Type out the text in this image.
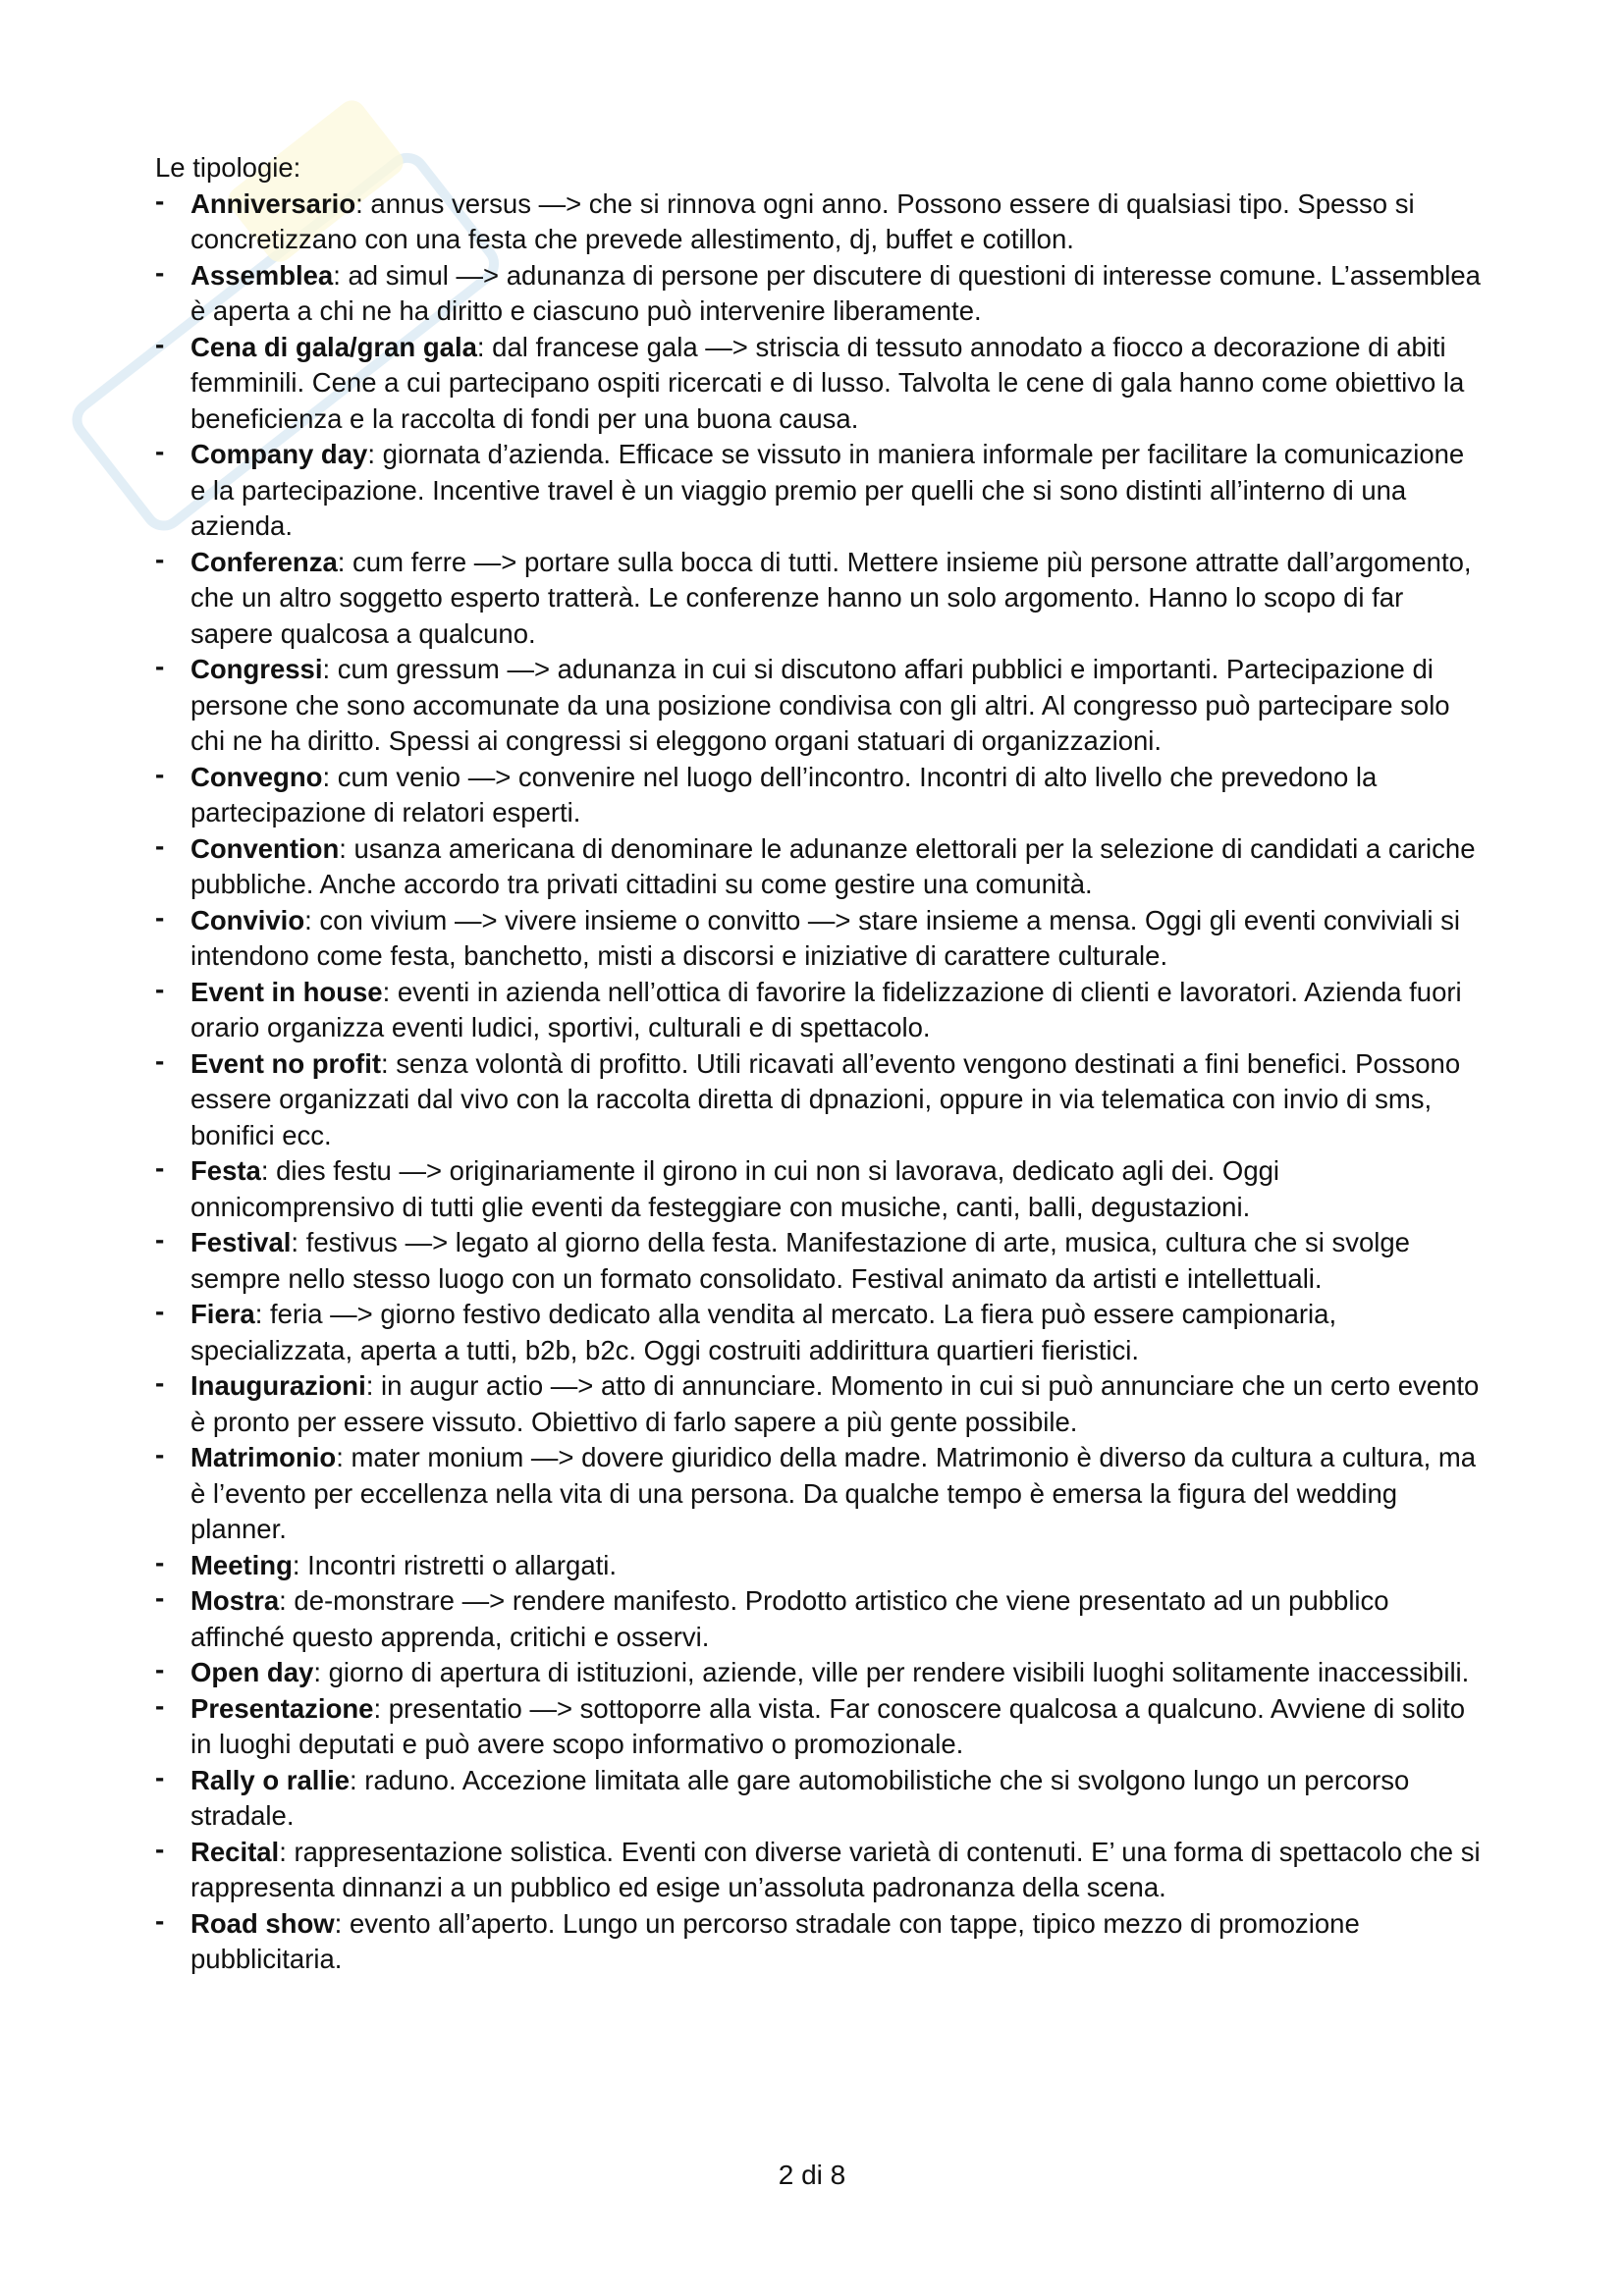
Le tipologie:

- Anniversario: annus versus —> che si rinnova ogni anno. Possono essere di qualsiasi tipo. Spesso si concretizzano con una festa che prevede allestimento, dj, buffet e cotillon.
- Assemblea: ad simul —> adunanza di persone per discutere di questioni di interesse comune. L’assemblea è aperta a chi ne ha diritto e ciascuno può intervenire liberamente.
- Cena di gala/gran gala: dal francese gala —> striscia di tessuto annodato a fiocco a decorazione di abiti femminili. Cene a cui partecipano ospiti ricercati e di lusso. Talvolta le cene di gala hanno come obiettivo la beneficienza e la raccolta di fondi per una buona causa.
- Company day: giornata d’azienda. Efficace se vissuto in maniera informale per facilitare la comunicazione e la partecipazione. Incentive travel è un viaggio premio per quelli che si sono distinti all’interno di una azienda.
- Conferenza: cum ferre —> portare sulla bocca di tutti. Mettere insieme più persone attratte dall’argomento, che un altro soggetto esperto tratterà. Le conferenze hanno un solo argomento. Hanno lo scopo di far sapere qualcosa a qualcuno.
- Congressi: cum gressum —> adunanza in cui si discutono affari pubblici e importanti. Partecipazione di persone che sono accomunate da una posizione condivisa con gli altri. Al congresso può partecipare solo chi ne ha diritto. Spessi ai congressi si eleggono organi statuari di organizzazioni.
- Convegno: cum venio —> convenire nel luogo dell’incontro. Incontri di alto livello che prevedono la partecipazione di relatori esperti.
- Convention: usanza americana di denominare le adunanze elettorali per la selezione di candidati a cariche pubbliche. Anche accordo tra privati cittadini su come gestire una comunità.
- Convivio: con vivium —> vivere insieme o convitto —> stare insieme a mensa. Oggi gli eventi conviviali si intendono come festa, banchetto, misti a discorsi e iniziative di carattere culturale.
- Event in house: eventi in azienda nell’ottica di favorire la fidelizzazione di clienti e lavoratori. Azienda fuori orario organizza eventi ludici, sportivi, culturali e di spettacolo.
- Event no profit: senza volontà di profitto. Utili ricavati all’evento vengono destinati a fini benefici. Possono essere organizzati dal vivo con la raccolta diretta di dpnazioni, oppure in via telematica con invio di sms, bonifici ecc.
- Festa: dies festu —> originariamente il girono in cui non si lavorava, dedicato agli dei. Oggi onnicomprensivo di tutti glie eventi da festeggiare con musiche, canti, balli, degustazioni.
- Festival: festivus —> legato al giorno della festa. Manifestazione di arte, musica, cultura che si svolge sempre nello stesso luogo con un formato consolidato. Festival animato da artisti e intellettuali.
- Fiera: feria —> giorno festivo dedicato alla vendita al mercato. La fiera può essere campionaria, specializzata, aperta a tutti, b2b, b2c. Oggi costruiti addirittura quartieri fieristici.
- Inaugurazioni: in augur actio —> atto di annunciare. Momento in cui si può annunciare che un certo evento è pronto per essere vissuto. Obiettivo di farlo sapere a più gente possibile.
- Matrimonio: mater monium —> dovere giuridico della madre. Matrimonio è diverso da cultura a cultura, ma è l’evento per eccellenza nella vita di una persona. Da qualche tempo è emersa la figura del wedding planner.
- Meeting: Incontri ristretti o allargati.
- Mostra: de-monstrare —> rendere manifesto. Prodotto artistico che viene presentato ad un pubblico affinché questo apprenda, critichi e osservi.
- Open day: giorno di apertura di istituzioni, aziende, ville per rendere visibili luoghi solitamente inaccessibili.
- Presentazione: presentatio —> sottoporre alla vista. Far conoscere qualcosa a qualcuno. Avviene di solito in luoghi deputati e può avere scopo informativo o promozionale.
- Rally o rallie: raduno. Accezione limitata alle gare automobilistiche che si svolgono lungo un percorso stradale.
- Recital: rappresentazione solistica. Eventi con diverse varietà di contenuti. E’ una forma di spettacolo che si rappresenta dinnanzi a un pubblico ed esige un’assoluta padronanza della scena.
- Road show: evento all’aperto. Lungo un percorso stradale con tappe, tipico mezzo di promozione pubblicitaria.
2 di 8
